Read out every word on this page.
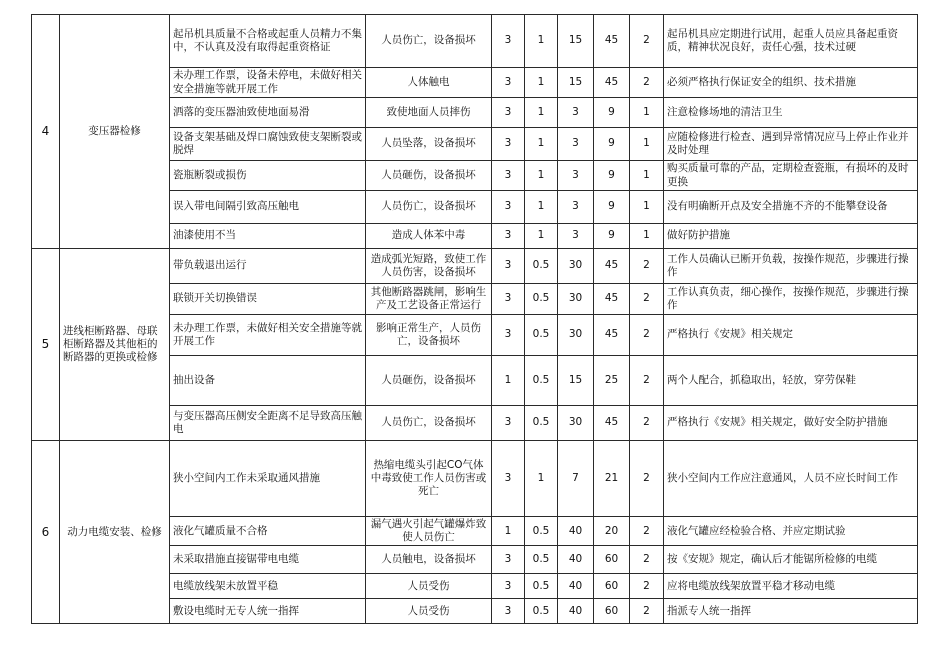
4	变压器检修	起吊机具质量不合格或起重人员精力不集中，不认真及没有取得起重资格证	人员伤亡，设备损坏	3	1	15	45	2	起吊机具应定期进行试用，起重人员应具备起重资质，精神状况良好，责任心强，技术过硬
		未办理工作票，设备未停电，未做好相关安全措施等就开展工作	人体触电	3	1	15	45	2	必须严格执行保证安全的组织、技术措施
		洒落的变压器油致使地面易滑	致使地面人员摔伤	3	1	3	9	1	注意检修场地的清洁卫生
		设备支架基础及焊口腐蚀致使支架断裂或脱焊	人员坠落，设备损坏	3	1	3	9	1	应随检修进行检查、遇到异常情况应马上停止作业并及时处理
		瓷瓶断裂或损伤	人员砸伤，设备损坏	3	1	3	9	1	购买质量可靠的产品，定期检查瓷瓶，有损坏的及时更换
		误入带电间隔引致高压触电	人员伤亡，设备损坏	3	1	3	9	1	没有明确断开点及安全措施不齐的不能攀登设备
		油漆使用不当	造成人体苯中毒	3	1	3	9	1	做好防护措施
5	进线柜断路器、母联柜断路器及其他柜的断路器的更换或检修	带负载退出运行	造成弧光短路，致使工作人员伤害，设备损坏	3	0.5	30	45	2	工作人员确认已断开负载，按操作规范，步骤进行操作
		联锁开关切换错误	其他断路器跳闸，影响生产及工艺设备正常运行	3	0.5	30	45	2	工作认真负责，细心操作，按操作规范，步骤进行操作
		未办理工作票，未做好相关安全措施等就开展工作	影响正常生产，人员伤亡，设备损坏	3	0.5	30	45	2	严格执行《安规》相关规定
		抽出设备	人员砸伤，设备损坏	1	0.5	15	25	2	两个人配合，抓稳取出，轻放，穿劳保鞋
		与变压器高压侧安全距离不足导致高压触电	人员伤亡，设备损坏	3	0.5	30	45	2	严格执行《安规》相关规定，做好安全防护措施
6	动力电缆安装、检修	狭小空间内工作未采取通风措施	热缩电缆头引起CO气体中毒致使工作人员伤害或死亡	3	1	7	21	2	狭小空间内工作应注意通风，人员不应长时间工作
		液化气罐质量不合格	漏气遇火引起气罐爆炸致使人员伤亡	1	0.5	40	20	2	液化气罐应经检验合格、并应定期试验
		未采取措施直接锯带电电缆	人员触电，设备损坏	3	0.5	40	60	2	按《安规》规定，确认后才能锯所检修的电缆
		电缆放线架未放置平稳	人员受伤	3	0.5	40	60	2	应将电缆放线架放置平稳才移动电缆
		敷设电缆时无专人统一指挥	人员受伤	3	0.5	40	60	2	指派专人统一指挥
